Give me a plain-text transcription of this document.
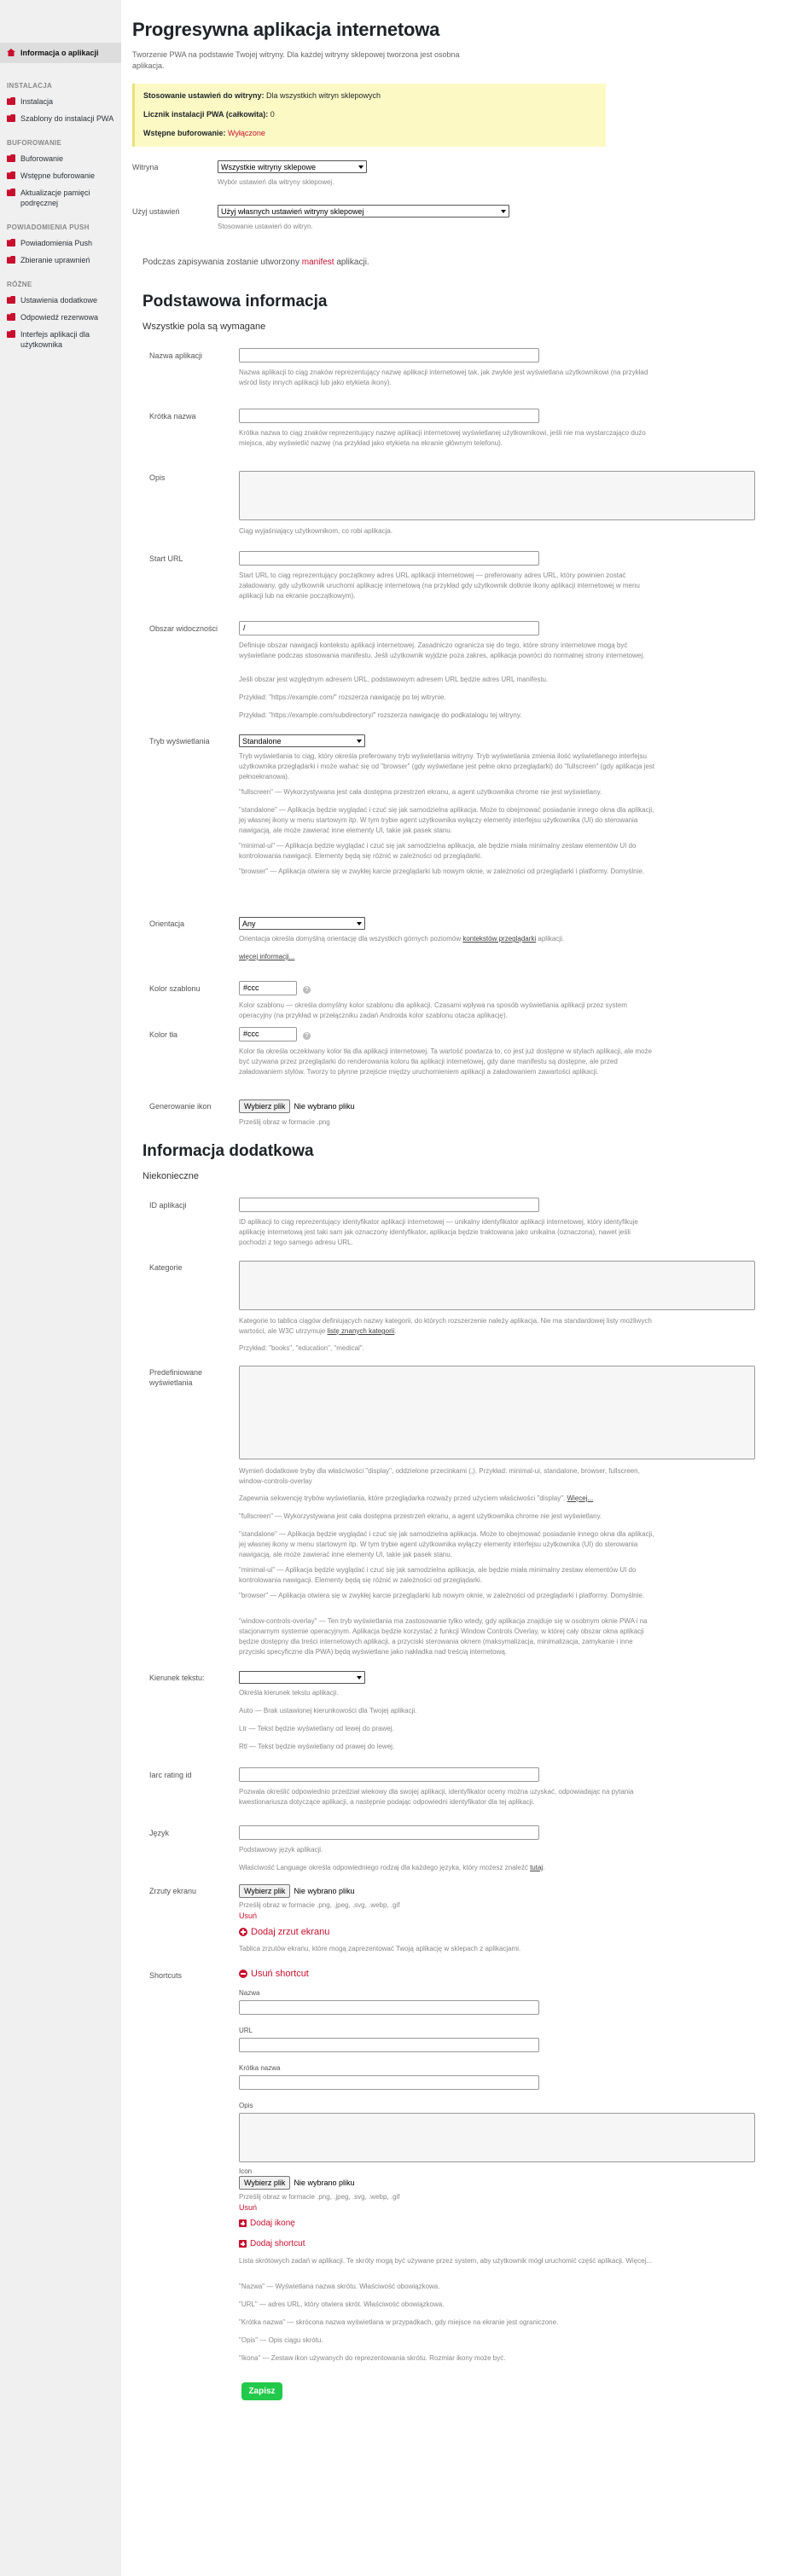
Informacja o aplikacji
INSTALACJA
Instalacja
Szablony do instalacji PWA
BUFOROWANIE
Buforowanie
Wstępne buforowanie
Aktualizacje pamięci podręcznej
POWIADOMIENIA PUSH
Powiadomienia Push
Zbieranie uprawnień
RÓŻNE
Ustawienia dodatkowe
Odpowiedź rezerwowa
Interfejs aplikacji dla użytkownika
Progresywna aplikacja internetowa

Tworzenie PWA na podstawie Twojej witryny. Dla każdej witryny sklepowej tworzona jest osobna aplikacja.

Stosowanie ustawień do witryny: Dla wszystkich witryn sklepowych

Licznik instalacji PWA (całkowita): 0

Wstępne buforowanie: Wyłączone

Witryna	Wszystkie witryny sklepowe
Wybór ustawień dla witryny sklepowej.
Użyj ustawień	Użyj własnych ustawień witryny sklepowej
Stosowanie ustawień do witryn.

Podczas zapisywania zostanie utworzony manifest aplikacji.

Podstawowa informacja

Wszystkie pola są wymagane

Nazwa aplikacji
Nazwa aplikacji to ciąg znaków reprezentujący nazwę aplikacji internetowej tak, jak zwykle jest wyświetlana użytkownikowi (na przykład wśród listy innych aplikacji lub jako etykieta ikony).
Krótka nazwa
Krótka nazwa to ciąg znaków reprezentujący nazwę aplikacji internetowej wyświetlanej użytkownikowi, jeśli nie ma wystarczająco dużo miejsca, aby wyświetlić nazwę (na przykład jako etykieta na ekranie głównym telefonu).
Opis
Ciąg wyjaśniający użytkownikom, co robi aplikacja.
Start URL
Start URL to ciąg reprezentujący początkowy adres URL aplikacji internetowej — preferowany adres URL, który powinien zostać załadowany, gdy użytkownik uruchomi aplikację internetową (na przykład gdy użytkownik dotknie ikony aplikacji internetowej w menu aplikacji lub na ekranie początkowym).
Obszar widoczności	/
Definiuje obszar nawigacji kontekstu aplikacji internetowej. Zasadniczo ogranicza się do tego, które strony internetowe mogą być wyświetlane podczas stosowania manifestu. Jeśli użytkownik wyjdzie poza zakres, aplikacja powróci do normalnej strony internetowej.
Jeśli obszar jest względnym adresem URL, podstawowym adresem URL będzie adres URL manifestu.
Przykład: "https://example.com/" rozszerza nawigację po tej witrynie.
Przykład: "https://example.com/subdirectory/" rozszerza nawigację do podkatalogu tej witryny.
Tryb wyświetlania	Standalone
Tryb wyświetlania to ciąg, który określa preferowany tryb wyświetlania witryny. Tryb wyświetlania zmienia ilość wyświetlanego interfejsu użytkownika przeglądarki i może wahać się od "browser" (gdy wyświetlane jest pełne okno przeglądarki) do "fullscreen" (gdy aplikacja jest pełnoekranowa).
"fullscreen" — Wykorzystywana jest cała dostępna przestrzeń ekranu, a agent użytkownika chrome nie jest wyświetlany.
"standalone" — Aplikacja będzie wyglądać i czuć się jak samodzielna aplikacja. Może to obejmować posiadanie innego okna dla aplikacji, jej własnej ikony w menu startowym itp. W tym trybie agent użytkownika wyłączy elementy interfejsu użytkownika (UI) do sterowania nawigacją, ale może zawierać inne elementy UI, takie jak pasek stanu.
"minimal-ui" — Aplikacja będzie wyglądać i czuć się jak samodzielna aplikacja, ale będzie miała minimalny zestaw elementów UI do kontrolowania nawigacji. Elementy będą się różnić w zależności od przeglądarki.
"browser" — Aplikacja otwiera się w zwykłej karcie przeglądarki lub nowym oknie, w zależności od przeglądarki i platformy. Domyślnie.
Orientacja	Any
Orientacja określa domyślną orientację dla wszystkich górnych poziomów kontekstów przeglądarki aplikacji.
więcej informacji...
Kolor szablonu	#ccc	?
Kolor szablonu — określa domyślny kolor szablonu dla aplikacji. Czasami wpływa na sposób wyświetlania aplikacji przez system operacyjny (na przykład w przełączniku zadań Androida kolor szablonu otacza aplikację).
Kolor tła	#ccc	?
Kolor tła określa oczekiwany kolor tła dla aplikacji internetowej. Ta wartość powtarza to, co jest już dostępne w stylach aplikacji, ale może być używana przez przeglądarki do renderowania koloru tła aplikacji internetowej, gdy dane manifestu są dostępne, ale przed załadowaniem stylów. Tworzy to płynne przejście między uruchomieniem aplikacji a załadowaniem zawartości aplikacji.
Generowanie ikon	Wybierz plik	Nie wybrano pliku
Prześlij obraz w formacie .png
Informacja dodatkowa

Niekonieczne

ID aplikacji
ID aplikacji to ciąg reprezentujący identyfikator aplikacji internetowej — unikalny identyfikator aplikacji internetowej, który identyfikuje aplikację internetową jest taki sam jak oznaczony identyfikator, aplikacja będzie traktowana jako unikalna (oznaczona), nawet jeśli pochodzi z tego samego adresu URL.
Kategorie
Kategorie to tablica ciągów definiujących nazwy kategorii, do których rozszerzenie należy aplikacja. Nie ma standardowej listy możliwych wartości, ale W3C utrzymuje listę znanych kategorii.
Przykład: "books", "education", "medical".
Predefiniowane wyświetlania
Wymień dodatkowe tryby dla właściwości "display", oddzielone przecinkami (,). Przykład: minimal-ui, standalone, browser, fullscreen, window-controls-overlay
Zapewnia sekwencję trybów wyświetlania, które przeglądarka rozważy przed użyciem właściwości "display". Więcej...
"fullscreen" — Wykorzystywana jest cała dostępna przestrzeń ekranu, a agent użytkownika chrome nie jest wyświetlany.
"standalone" — Aplikacja będzie wyglądać i czuć się jak samodzielna aplikacja. Może to obejmować posiadanie innego okna dla aplikacji, jej własnej ikony w menu startowym itp. W tym trybie agent użytkownika wyłączy elementy interfejsu użytkownika (UI) do sterowania nawigacją, ale może zawierać inne elementy UI, takie jak pasek stanu.
"minimal-ui" — Aplikacja będzie wyglądać i czuć się jak samodzielna aplikacja, ale będzie miała minimalny zestaw elementów UI do kontrolowania nawigacji. Elementy będą się różnić w zależności od przeglądarki.
"browser" — Aplikacja otwiera się w zwykłej karcie przeglądarki lub nowym oknie, w zależności od przeglądarki i platformy. Domyślnie.
"window-controls-overlay" — Ten tryb wyświetlania ma zastosowanie tylko wtedy, gdy aplikacja znajduje się w osobnym oknie PWA i na stacjonarnym systemie operacyjnym. Aplikacja będzie korzystać z funkcji Window Controls Overlay, w której cały obszar okna aplikacji będzie dostępny dla treści internetowych aplikacji, a przyciski sterowania oknem (maksymalizacja, minimalizacja, zamykanie i inne przyciski specyficzne dla PWA) będą wyświetlane jako nakładka nad treścią internetową.
Kierunek tekstu:
Określa kierunek tekstu aplikacji.
Auto — Brak ustawionej kierunkowości dla Twojej aplikacji.
Ltr — Tekst będzie wyświetlany od lewej do prawej.
Rtl — Tekst będzie wyświetlany od prawej do lewej.
Iarc rating id
Pozwala określić odpowiednio przedział wiekowy dla swojej aplikacji, identyfikator oceny można uzyskać, odpowiadając na pytania kwestionariusza dotyczące aplikacji, a następnie podając odpowiedni identyfikator dla tej aplikacji.
Język
Podstawowy język aplikacji.
Właściwość Language określa odpowiedniego rodzaj dla każdego języka, który możesz znaleźć tutaj.
Zrzuty ekranu	Wybierz plik	Nie wybrano pliku
Prześlij obraz w formacie .png, .jpeg, .svg, .webp, .gif
Usuń
Dodaj zrzut ekranu
Tablica zrzutów ekranu, które mogą zaprezentować Twoją aplikację w sklepach z aplikacjami.
Shortcuts	Usuń shortcut
Nazwa
URL
Krótka nazwa
Opis
Icon
Wybierz plik	Nie wybrano pliku
Prześlij obraz w formacie .png, .jpeg, .svg, .webp, .gif
Usuń
Dodaj ikonę
Dodaj shortcut
Lista skrótowych zadań w aplikacji. Te skróty mogą być używane przez system, aby użytkownik mógł uruchomić część aplikacji. Więcej...
"Nazwa" — Wyświetlana nazwa skrótu. Właściwość obowiązkowa.
"URL" — adres URL, który otwiera skrót. Właściwość obowiązkowa.
"Krótka nazwa" — skrócona nazwa wyświetlana w przypadkach, gdy miejsce na ekranie jest ograniczone.
"Opis" — Opis ciągu skrótu.
"Ikona" — Zestaw ikon używanych do reprezentowania skrótu. Rozmiar ikony może być.
Zapisz
